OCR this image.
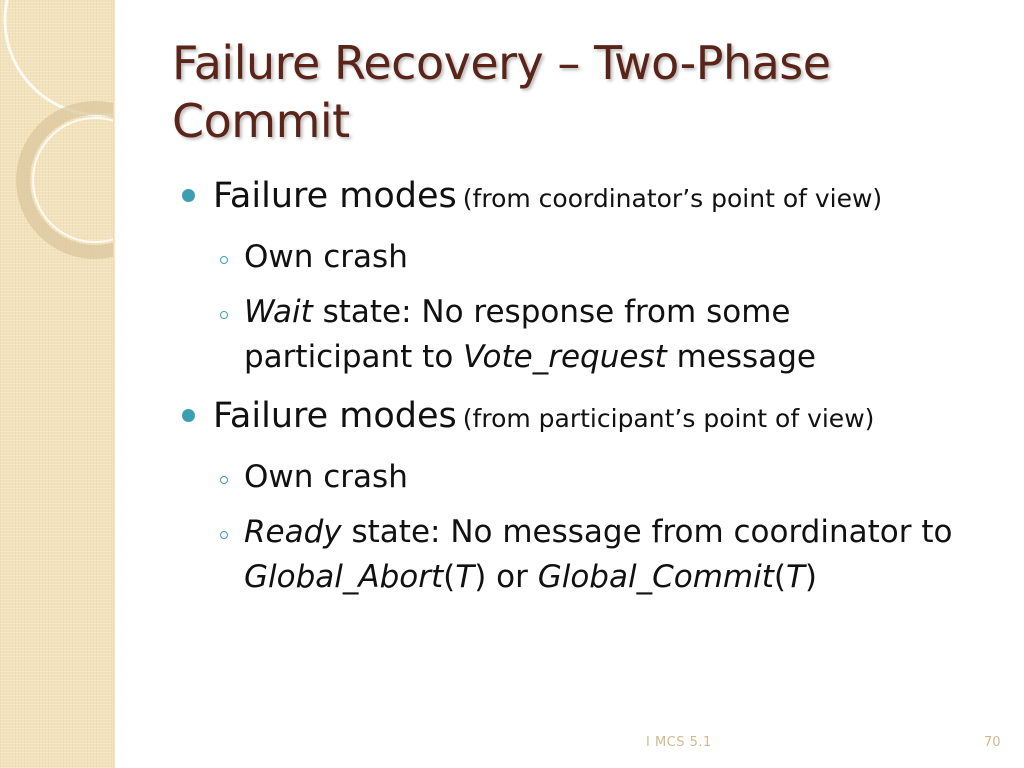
Failure Recovery – Two-Phase
Commit
Failure modes (from coordinator’s point of view)
Own crash
Wait state: No response from some
participant to Vote_request message
Failure modes (from participant’s point of view)
Own crash
Ready state: No message from coordinator to
Global_Abort(T) or Global_Commit(T)
I MCS 5.1	70
